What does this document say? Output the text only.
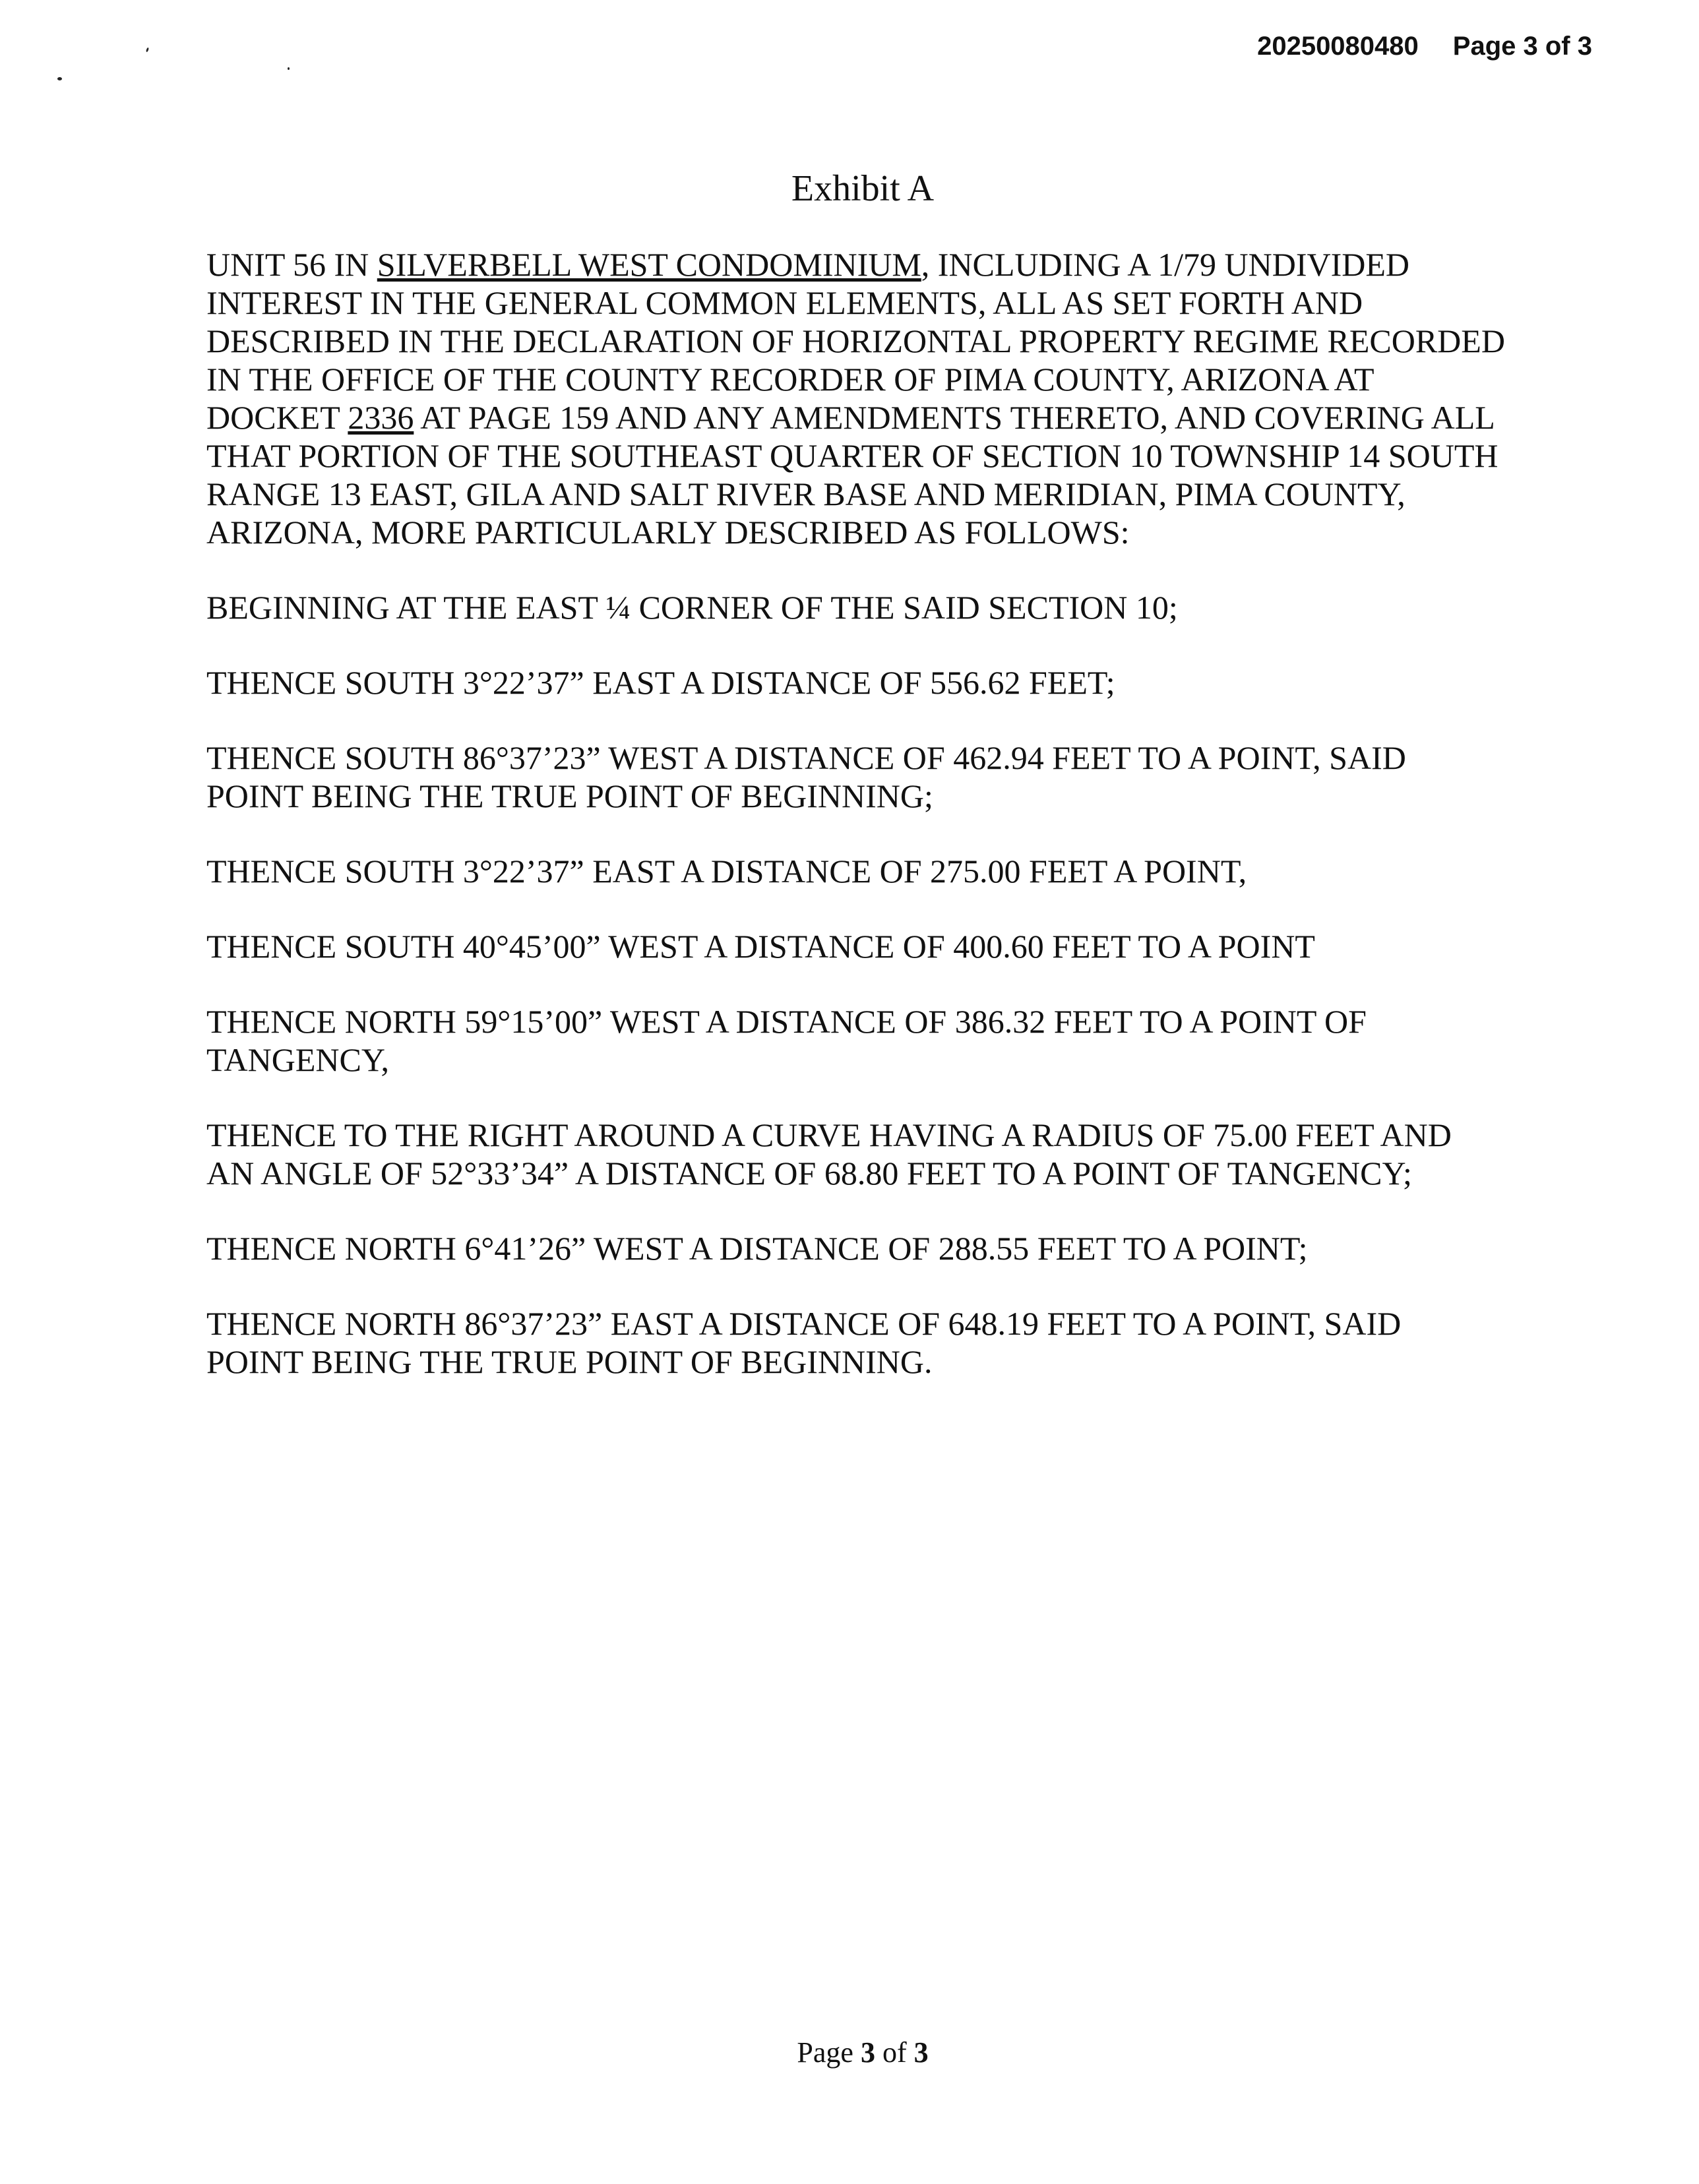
20250080480 Page 3 of 3
Exhibit A

UNIT 56 IN SILVERBELL WEST CONDOMINIUM, INCLUDING A 1/79 UNDIVIDED
INTEREST IN THE GENERAL COMMON ELEMENTS, ALL AS SET FORTH AND
DESCRIBED IN THE DECLARATION OF HORIZONTAL PROPERTY REGIME RECORDED
IN THE OFFICE OF THE COUNTY RECORDER OF PIMA COUNTY, ARIZONA AT
DOCKET 2336 AT PAGE 159 AND ANY AMENDMENTS THERETO, AND COVERING ALL
THAT PORTION OF THE SOUTHEAST QUARTER OF SECTION 10 TOWNSHIP 14 SOUTH
RANGE 13 EAST, GILA AND SALT RIVER BASE AND MERIDIAN, PIMA COUNTY,
ARIZONA, MORE PARTICULARLY DESCRIBED AS FOLLOWS:

BEGINNING AT THE EAST ¼ CORNER OF THE SAID SECTION 10;

THENCE SOUTH 3°22’37” EAST A DISTANCE OF 556.62 FEET;

THENCE SOUTH 86°37’23” WEST A DISTANCE OF 462.94 FEET TO A POINT, SAID
POINT BEING THE TRUE POINT OF BEGINNING;

THENCE SOUTH 3°22’37” EAST A DISTANCE OF 275.00 FEET A POINT,

THENCE SOUTH 40°45’00” WEST A DISTANCE OF 400.60 FEET TO A POINT

THENCE NORTH 59°15’00” WEST A DISTANCE OF 386.32 FEET TO A POINT OF
TANGENCY,

THENCE TO THE RIGHT AROUND A CURVE HAVING A RADIUS OF 75.00 FEET AND
AN ANGLE OF 52°33’34” A DISTANCE OF 68.80 FEET TO A POINT OF TANGENCY;

THENCE NORTH 6°41’26” WEST A DISTANCE OF 288.55 FEET TO A POINT;

THENCE NORTH 86°37’23” EAST A DISTANCE OF 648.19 FEET TO A POINT, SAID
POINT BEING THE TRUE POINT OF BEGINNING.

Page 3 of 3
